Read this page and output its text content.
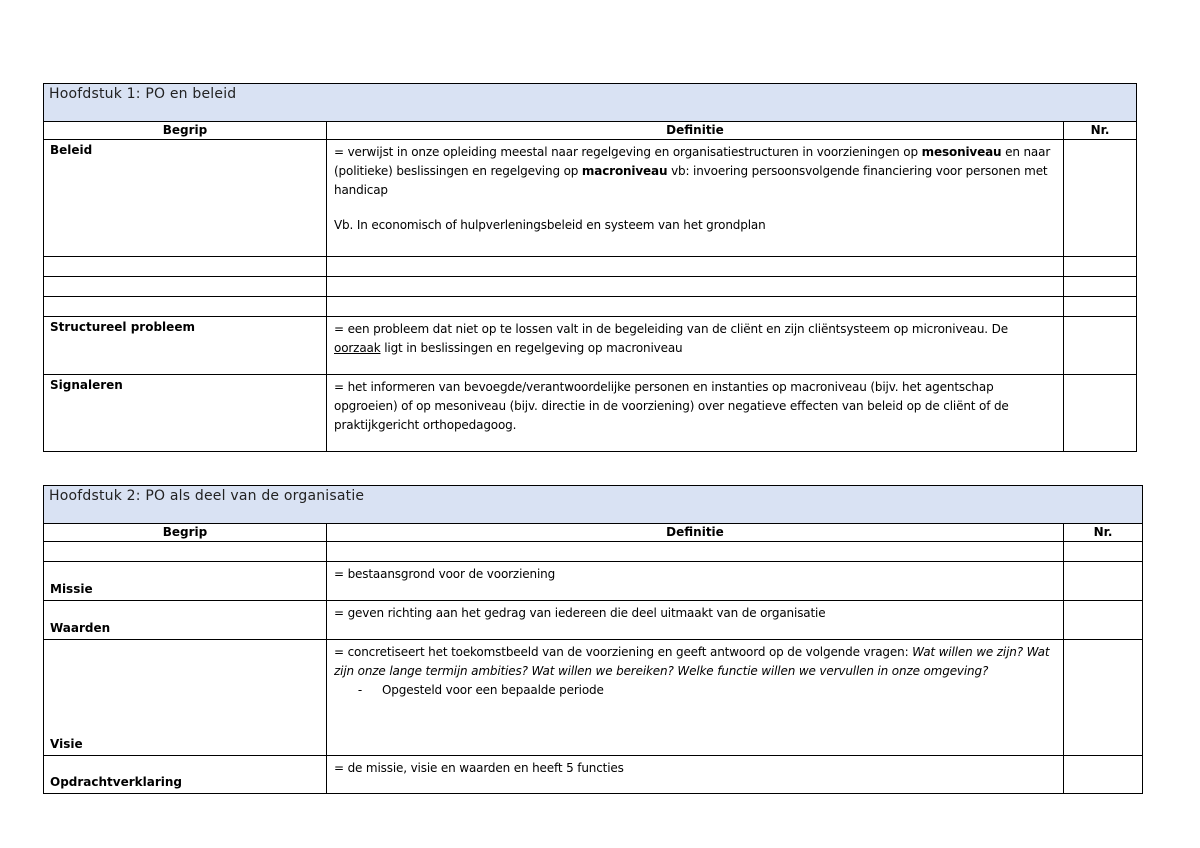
Hoofdstuk 1: PO en beleid		
Begrip	Definitie	Nr.
Beleid	= verwijst in onze opleiding meestal naar regelgeving en organisatiestructuren in voorzieningen op mesoniveau en naar (politieke) beslissingen en regelgeving op macroniveau vb: invoering persoonsvolgende financiering voor personen met handicap

Vb. In economisch of hulpverleningsbeleid en systeem van het grondplan	

Structureel probleem	= een probleem dat niet op te lossen valt in de begeleiding van de cliënt en zijn cliëntsysteem op microniveau. De oorzaak ligt in beslissingen en regelgeving op macroniveau	
Signaleren	= het informeren van bevoegde/verantwoordelijke personen en instanties op macroniveau (bijv. het agentschap opgroeien) of op mesoniveau (bijv. directie in de voorziening) over negatieve effecten van beleid op de cliënt of de praktijkgericht orthopedagoog.	
Hoofdstuk 2: PO als deel van de organisatie		
Begrip	Definitie	Nr.

Missie	= bestaansgrond voor de voorziening	
Waarden	= geven richting aan het gedrag van iedereen die deel uitmaakt van de organisatie	
Visie	= concretiseert het toekomstbeeld van de voorziening en geeft antwoord op de volgende vragen: Wat willen we zijn? Wat zijn onze lange termijn ambities? Wat willen we bereiken? Welke functie willen we vervullen in onze omgeving?
- Opgesteld voor een bepaalde periode	

Opdrachtverklaring	= de missie, visie en waarden en heeft 5 functies	
